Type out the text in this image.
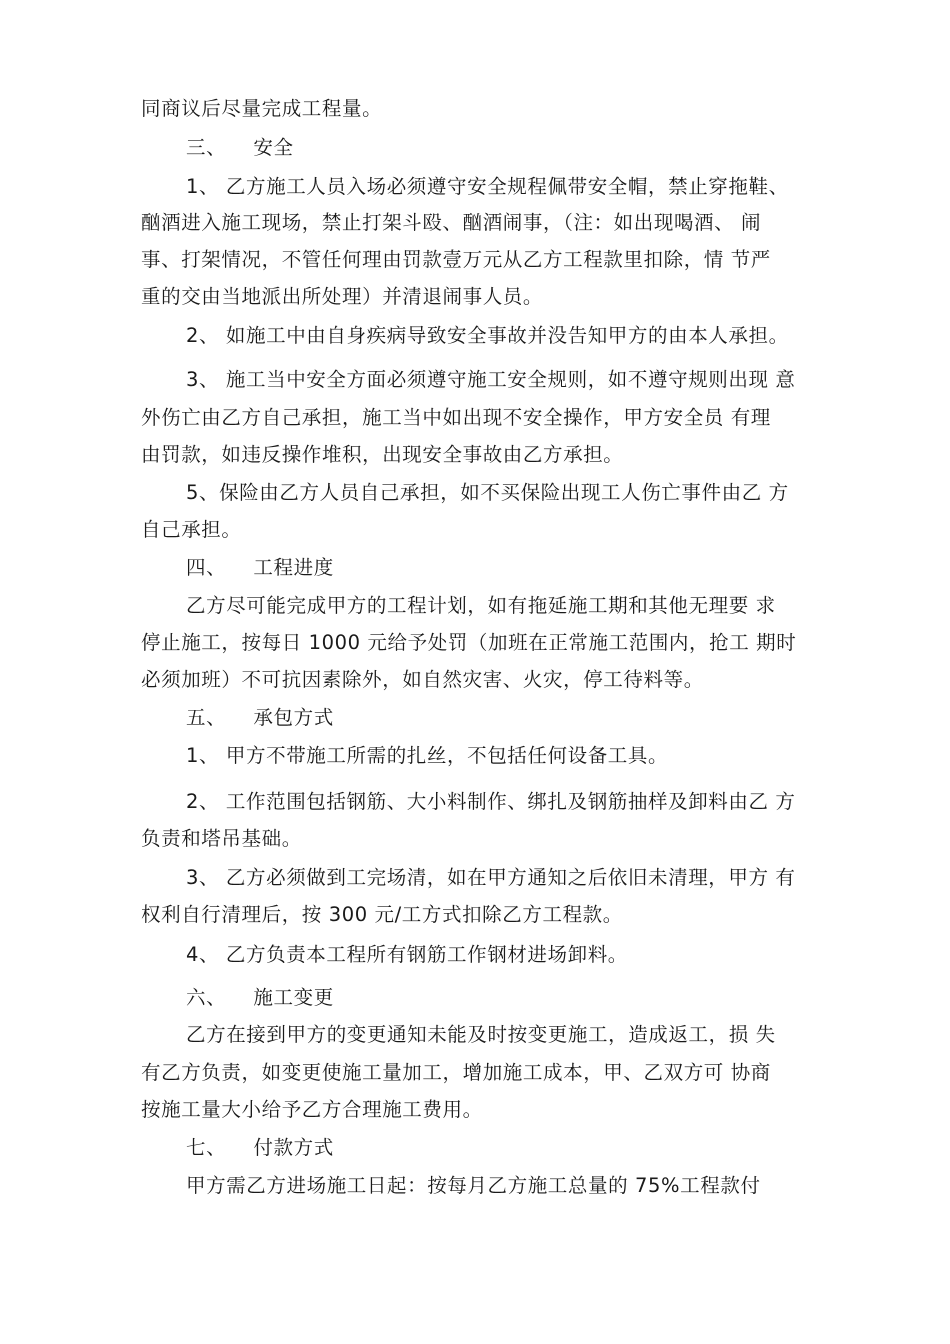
同商议后尽量完成工程量。
三、    安全
1、 乙方施工人员入场必须遵守安全规程佩带安全帽，禁止穿拖鞋、
酗酒进入施工现场，禁止打架斗殴、酗酒闹事，（注：如出现喝酒、 闹
事、打架情况，不管任何理由罚款壹万元从乙方工程款里扣除，情 节严
重的交由当地派出所处理）并清退闹事人员。
2、 如施工中由自身疾病导致安全事故并没告知甲方的由本人承担。
3、 施工当中安全方面必须遵守施工安全规则，如不遵守规则出现 意
外伤亡由乙方自己承担，施工当中如出现不安全操作，甲方安全员 有理
由罚款，如违反操作堆积，出现安全事故由乙方承担。
5、保险由乙方人员自己承担，如不买保险出现工人伤亡事件由乙 方
自己承担。
四、    工程进度
乙方尽可能完成甲方的工程计划，如有拖延施工期和其他无理要 求
停止施工，按每日 1000 元给予处罚（加班在正常施工范围内，抢工 期时
必须加班）不可抗因素除外，如自然灾害、火灾，停工待料等。
五、    承包方式
1、 甲方不带施工所需的扎丝，不包括任何设备工具。
2、 工作范围包括钢筋、大小料制作、绑扎及钢筋抽样及卸料由乙 方
负责和塔吊基础。
3、 乙方必须做到工完场清，如在甲方通知之后依旧未清理，甲方 有
权利自行清理后，按 300 元/工方式扣除乙方工程款。
4、 乙方负责本工程所有钢筋工作钢材进场卸料。
六、    施工变更
乙方在接到甲方的变更通知未能及时按变更施工，造成返工，损 失
有乙方负责，如变更使施工量加工，增加施工成本，甲、乙双方可 协商
按施工量大小给予乙方合理施工费用。
七、    付款方式
甲方需乙方进场施工日起：按每月乙方施工总量的 75%工程款付
